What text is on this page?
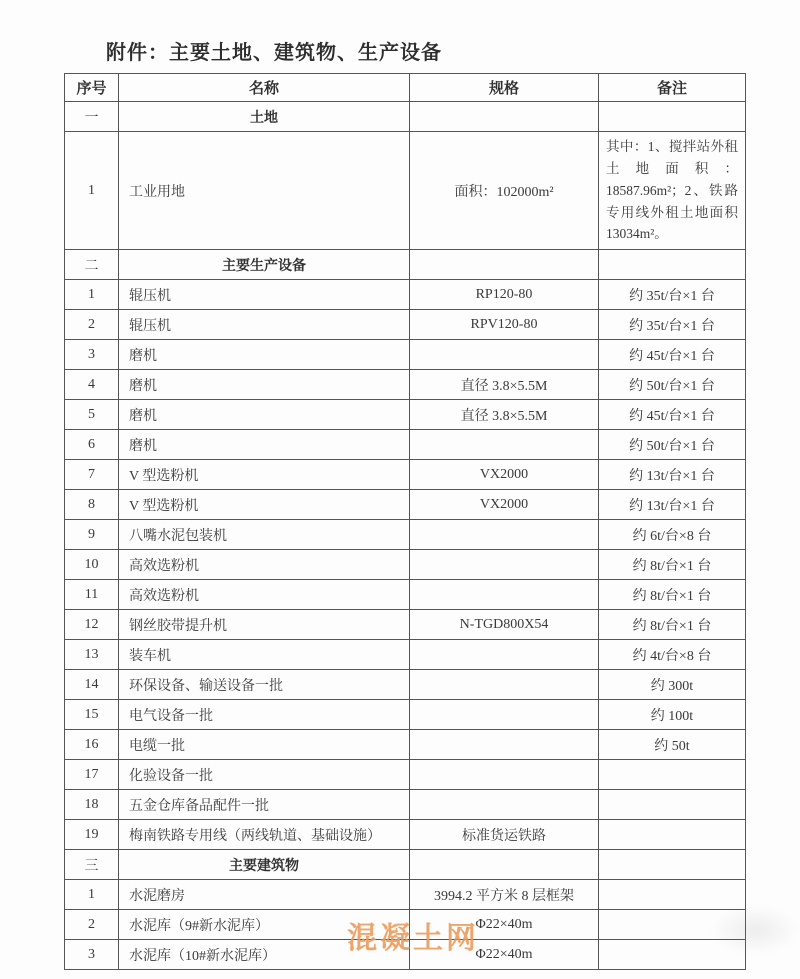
附件：主要土地、建筑物、生产设备
序号	名称	规格	备注
一	土地		
1	工业用地	面积：102000m²	其中：1、搅拌站外租土地面积：18587.96m²；2、铁路专用线外租土地面积 13034m²。
二	主要生产设备		
1	辊压机	RP120-80	约 35t/台×1 台
2	辊压机	RPV120-80	约 35t/台×1 台
3	磨机		约 45t/台×1 台
4	磨机	直径 3.8×5.5M	约 50t/台×1 台
5	磨机	直径 3.8×5.5M	约 45t/台×1 台
6	磨机		约 50t/台×1 台
7	V 型选粉机	VX2000	约 13t/台×1 台
8	V 型选粉机	VX2000	约 13t/台×1 台
9	八嘴水泥包装机		约 6t/台×8 台
10	高效选粉机		约 8t/台×1 台
11	高效选粉机		约 8t/台×1 台
12	钢丝胶带提升机	N-TGD800X54	约 8t/台×1 台
13	装车机		约 4t/台×8 台
14	环保设备、输送设备一批		约 300t
15	电气设备一批		约 100t
16	电缆一批		约 50t
17	化验设备一批		
18	五金仓库备品配件一批		
19	梅南铁路专用线（两线轨道、基础设施）	标准货运铁路	
三	主要建筑物		
1	水泥磨房	3994.2 平方米 8 层框架	
2	水泥库（9#新水泥库）	Φ22×40m	
3	水泥库（10#新水泥库）	Φ22×40m	
混凝土网
